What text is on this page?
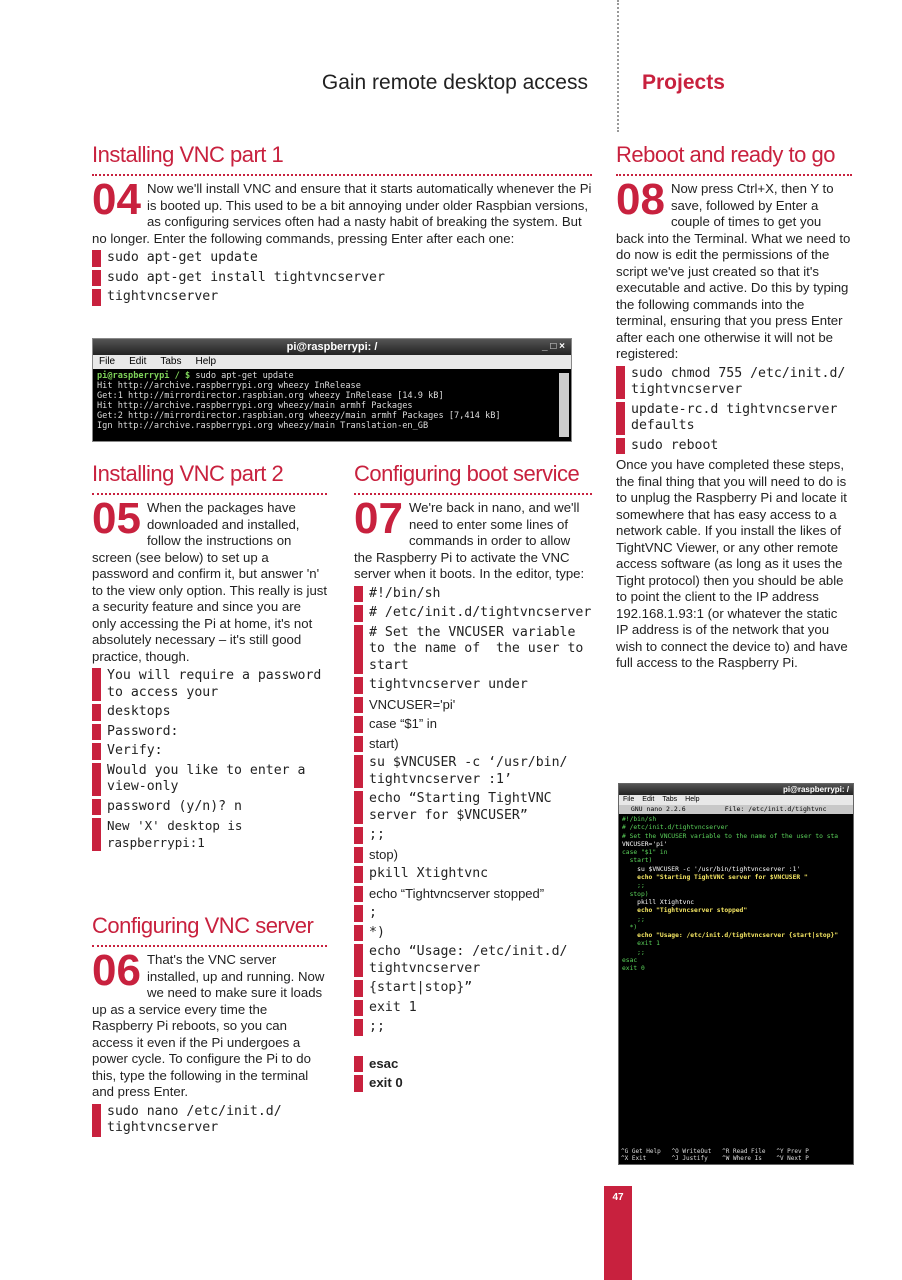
Gain remote desktop access	Projects
Installing VNC part 1
04 Now we'll install VNC and ensure that it starts automatically whenever the Pi is booted up. This used to be a bit annoying under older Raspbian versions, as configuring services often had a nasty habit of breaking the system. But no longer. Enter the following commands, pressing Enter after each one:
sudo apt-get update
sudo apt-get install tightvncserver
tightvncserver
pi@raspberrypi: /	_ □ ×
File Edit Tabs Help
pi@raspberrypi / $ sudo apt-get update
Hit http://archive.raspberrypi.org wheezy InRelease
Get:1 http://mirrordirector.raspbian.org wheezy InRelease [14.9 kB]
Hit http://archive.raspberrypi.org wheezy/main armhf Packages
Get:2 http://mirrordirector.raspbian.org wheezy/main armhf Packages [7,414 kB]
Ign http://archive.raspberrypi.org wheezy/main Translation-en_GB
Installing VNC part 2
05 When the packages have downloaded and installed, follow the instructions on screen (see below) to set up a password and confirm it, but answer 'n' to the view only option. This really is just a security feature and since you are only accessing the Pi at home, it's not absolutely necessary – it's still good practice, though.
You will require a password to access your
desktops
Password:
Verify:
Would you like to enter a view-only
password (y/n)? n
New 'X' desktop is raspberrypi:1
Configuring VNC server
06 That's the VNC server installed, up and running. Now we need to make sure it loads up as a service every time the Raspberry Pi reboots, so you can access it even if the Pi undergoes a power cycle. To configure the Pi to do this, type the following in the terminal and press Enter.
sudo nano /etc/init.d/ tightvncserver
Configuring boot service
07 We're back in nano, and we'll need to enter some lines of commands in order to allow the Raspberry Pi to activate the VNC server when it boots. In the editor, type:
#!/bin/sh
# /etc/init.d/tightvncserver
# Set the VNCUSER variable to the name of  the user to start
tightvncserver under
VNCUSER='pi'
case “$1” in
start)
su $VNCUSER -c ‘/usr/bin/ tightvncserver :1’
echo “Starting TightVNC server for $VNCUSER”
;;
stop)
pkill Xtightvnc
echo “Tightvncserver stopped”
;
*)
echo “Usage: /etc/init.d/ tightvncserver
{start|stop}”
exit 1
;;
esac
exit 0
Reboot and ready to go
08 Now press Ctrl+X, then Y to save, followed by Enter a couple of times to get you back into the Terminal. What we need to do now is edit the permissions of the script we've just created so that it's executable and active. Do this by typing the following commands into the terminal, ensuring that you press Enter after each one otherwise it will not be registered:
sudo chmod 755 /etc/init.d/ tightvncserver
update-rc.d tightvncserver defaults
sudo reboot
Once you have completed these steps, the final thing that you will need to do is to unplug the Raspberry Pi and locate it somewhere that has easy access to a network cable. If you install the likes of TightVNC Viewer, or any other remote access software (as long as it uses the Tight protocol) then you should be able to point the client to the IP address 192.168.1.93:1 (or whatever the static IP address is of the network that you wish to connect the device to) and have full access to the Raspberry Pi.
pi@raspberrypi: /
File Edit Tabs Help
GNU nano 2.2.6          File: /etc/init.d/tightvnc
#!/bin/sh
# /etc/init.d/tightvncserver
# Set the VNCUSER variable to the name of the user to sta
VNCUSER='pi'
case "$1" in
start)
su $VNCUSER -c '/usr/bin/tightvncserver :1'
echo "Starting TightVNC server for $VNCUSER "
;;
stop)
pkill Xtightvnc
echo "Tightvncserver stopped"
;;
*)
echo "Usage: /etc/init.d/tightvncserver {start|stop}"
exit 1
;;
esac
exit 0
^G Get Help   ^O WriteOut   ^R Read File   ^Y Prev P
^X Exit       ^J Justify    ^W Where Is    ^V Next P
47
